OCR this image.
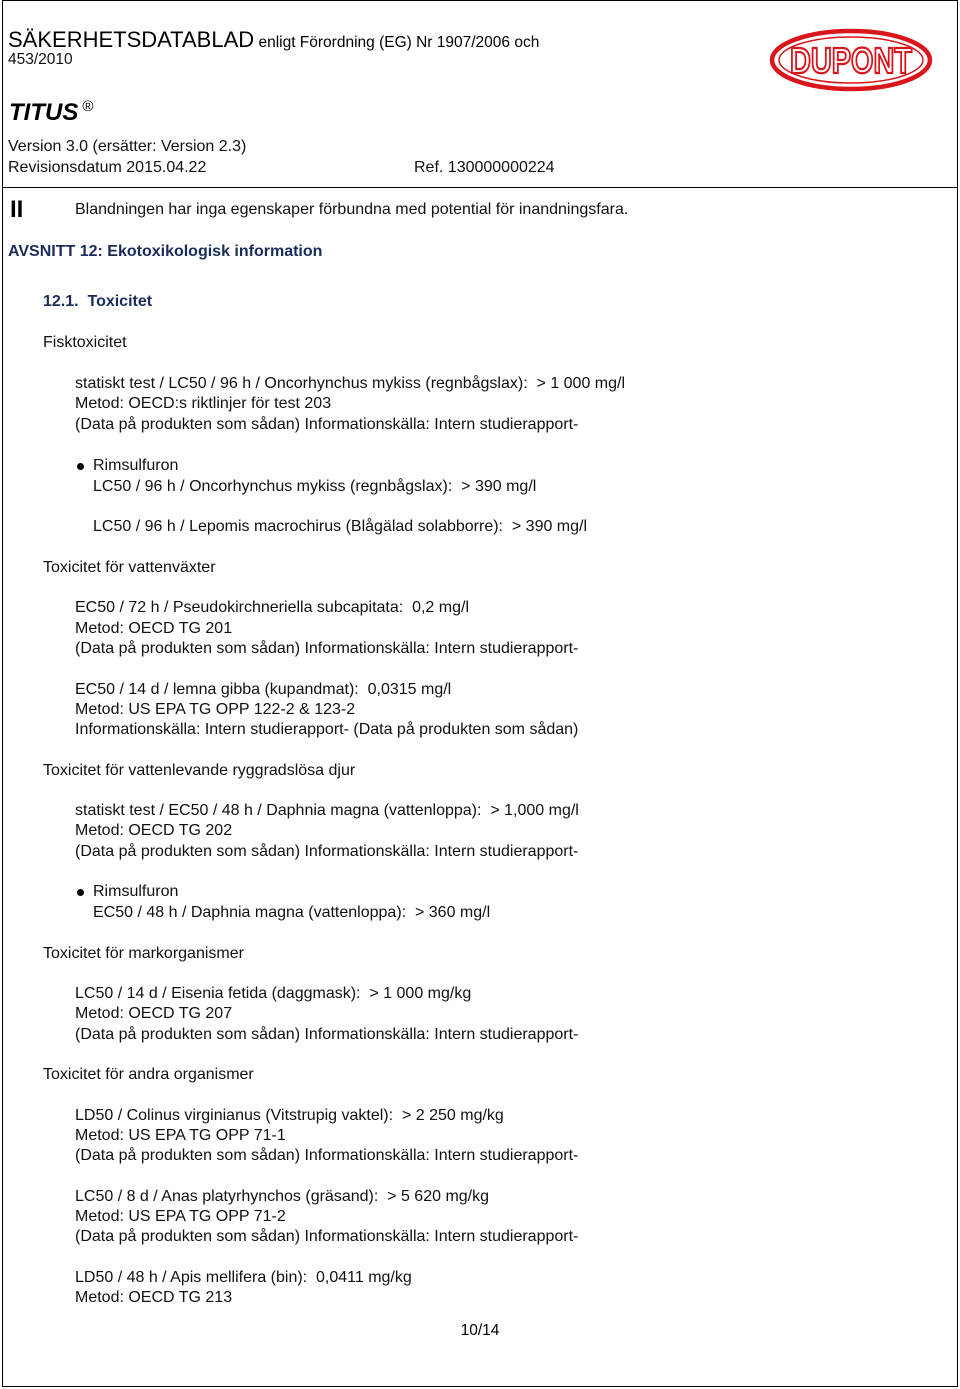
SÄKERHETSDATABLAD enligt Förordning (EG) Nr 1907/2006 och
453/2010
TITUS ®
Version 3.0 (ersätter: Version 2.3)
Revisionsdatum 2015.04.22	Ref. 130000000224
DUPONT
II	Blandningen har inga egenskaper förbundna med potential för inandningsfara.
AVSNITT 12: Ekotoxikologisk information
12.1.  Toxicitet
Fisktoxicitet
statiskt test / LC50 / 96 h / Oncorhynchus mykiss (regnbågslax):  > 1 000 mg/l
Metod: OECD:s riktlinjer för test 203
(Data på produkten som sådan) Informationskälla: Intern studierapport-
Rimsulfuron
LC50 / 96 h / Oncorhynchus mykiss (regnbågslax):  > 390 mg/l
LC50 / 96 h / Lepomis macrochirus (Blågälad solabborre):  > 390 mg/l
Toxicitet för vattenväxter
EC50 / 72 h / Pseudokirchneriella subcapitata:  0,2 mg/l
Metod: OECD TG 201
(Data på produkten som sådan) Informationskälla: Intern studierapport-
EC50 / 14 d / lemna gibba (kupandmat):  0,0315 mg/l
Metod: US EPA TG OPP 122-2 & 123-2
Informationskälla: Intern studierapport- (Data på produkten som sådan)
Toxicitet för vattenlevande ryggradslösa djur
statiskt test / EC50 / 48 h / Daphnia magna (vattenloppa):  > 1,000 mg/l
Metod: OECD TG 202
(Data på produkten som sådan) Informationskälla: Intern studierapport-
Rimsulfuron
EC50 / 48 h / Daphnia magna (vattenloppa):  > 360 mg/l
Toxicitet för markorganismer
LC50 / 14 d / Eisenia fetida (daggmask):  > 1 000 mg/kg
Metod: OECD TG 207
(Data på produkten som sådan) Informationskälla: Intern studierapport-
Toxicitet för andra organismer
LD50 / Colinus virginianus (Vitstrupig vaktel):  > 2 250 mg/kg
Metod: US EPA TG OPP 71-1
(Data på produkten som sådan) Informationskälla: Intern studierapport-
LC50 / 8 d / Anas platyrhynchos (gräsand):  > 5 620 mg/kg
Metod: US EPA TG OPP 71-2
(Data på produkten som sådan) Informationskälla: Intern studierapport-
LD50 / 48 h / Apis mellifera (bin):  0,0411 mg/kg
Metod: OECD TG 213
10/14
